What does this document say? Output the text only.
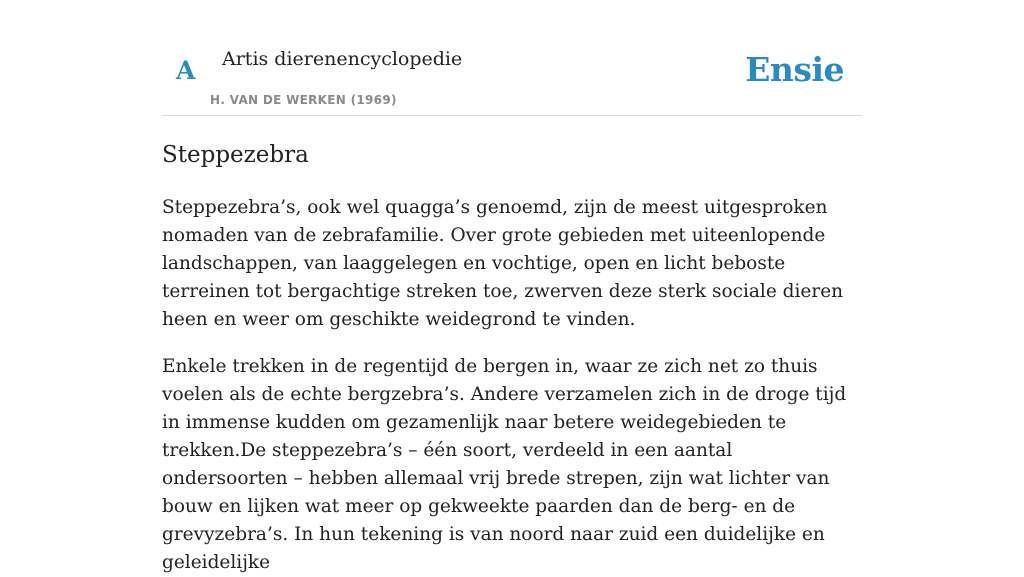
A Artis dierenencyclopedie
H. VAN DE WERKEN (1969)
Ensie
Steppezebra

Steppezebra’s, ook wel quagga’s genoemd, zijn de meest uitgesproken nomaden van de zebrafamilie. Over grote gebieden met uiteenlopende landschappen, van laaggelegen en vochtige, open en licht beboste terreinen tot bergachtige streken toe, zwerven deze sterk sociale dieren heen en weer om geschikte weidegrond te vinden.

Enkele trekken in de regentijd de bergen in, waar ze zich net zo thuis voelen als de echte bergzebra’s. Andere verzamelen zich in de droge tijd in immense kudden om gezamenlijk naar betere weidegebieden te trekken.De steppezebra’s – één soort, verdeeld in een aantal ondersoorten – hebben allemaal vrij brede strepen, zijn wat lichter van bouw en lijken wat meer op gekweekte paarden dan de berg- en de grevyzebra’s. In hun tekening is van noord naar zuid een duidelijke en geleidelijke
